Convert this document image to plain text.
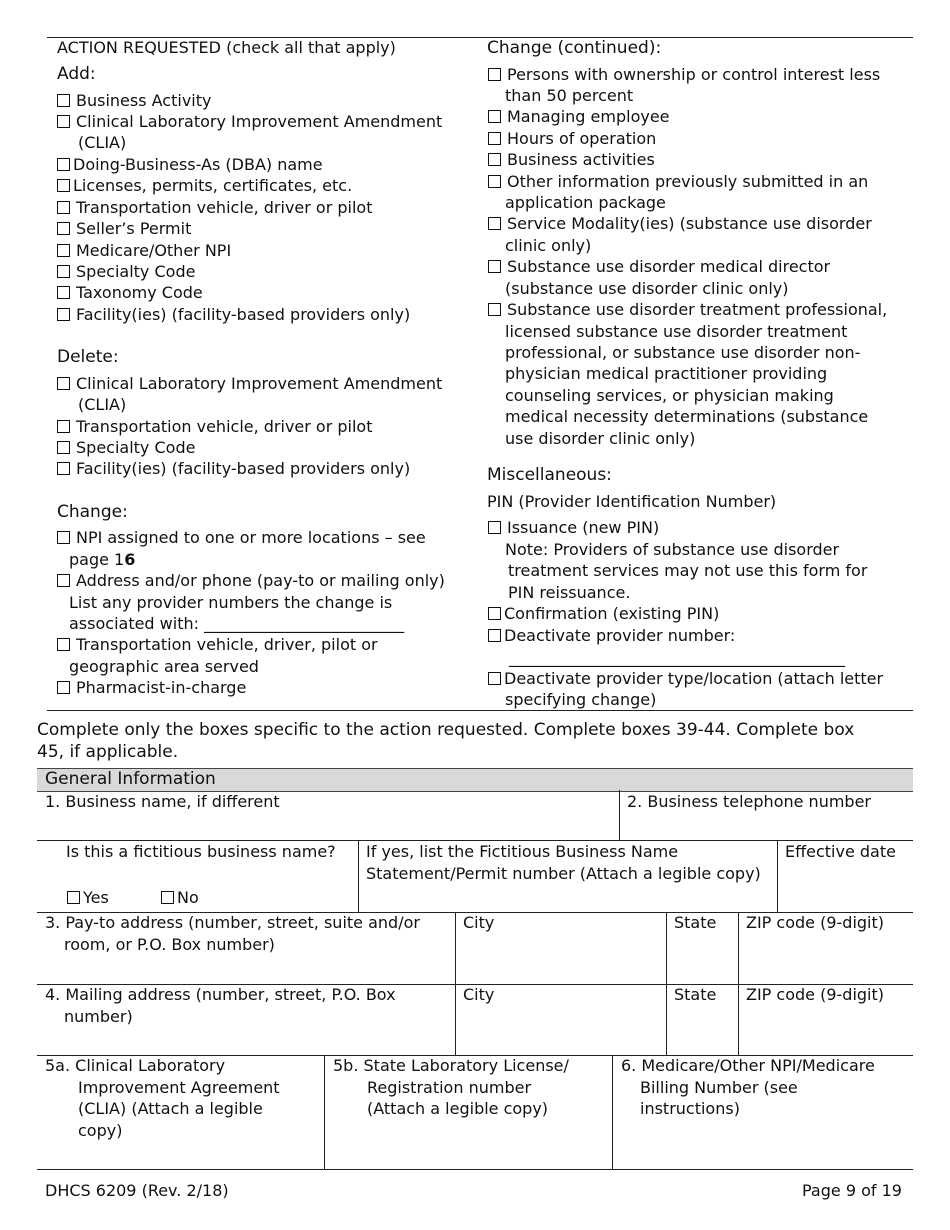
ACTION REQUESTED (check all that apply)
Add:
Business Activity
Clinical Laboratory Improvement Amendment
(CLIA)
Doing-Business-As (DBA) name
Licenses, permits, certificates, etc.
Transportation vehicle, driver or pilot
Seller’s Permit
Medicare/Other NPI
Specialty Code
Taxonomy Code
Facility(ies) (facility-based providers only)
Delete:
Clinical Laboratory Improvement Amendment
(CLIA)
Transportation vehicle, driver or pilot
Specialty Code
Facility(ies) (facility-based providers only)
Change:
NPI assigned to one or more locations – see
page 16
Address and/or phone (pay-to or mailing only)
List any provider numbers the change is
associated with: _________________________
Transportation vehicle, driver, pilot or
geographic area served
Pharmacist-in-charge
Change (continued):
Persons with ownership or control interest less
than 50 percent
Managing employee
Hours of operation
Business activities
Other information previously submitted in an
application package
Service Modality(ies) (substance use disorder
clinic only)
Substance use disorder medical director
(substance use disorder clinic only)
Substance use disorder treatment professional,
licensed substance use disorder treatment
professional, or substance use disorder non-
physician medical practitioner providing
counseling services, or physician making
medical necessity determinations (substance
use disorder clinic only)
Miscellaneous:
PIN (Provider Identification Number)
Issuance (new PIN)
Note: Providers of substance use disorder
treatment services may not use this form for
PIN reissuance.
Confirmation (existing PIN)
Deactivate provider number:
__________________________________________
Deactivate provider type/location (attach letter
specifying change)
Complete only the boxes specific to the action requested. Complete boxes 39-44. Complete box
45, if applicable.
General Information
1. Business name, if different	2. Business telephone number
Is this a fictitious business name?
Yes	No
If yes, list the Fictitious Business Name
Statement/Permit number (Attach a legible copy)
Effective date
3. Pay-to address (number, street, suite and/or
room, or P.O. Box number)
City	State ZIP code (9-digit)
4. Mailing address (number, street, P.O. Box
number)
City	State ZIP code (9-digit)
5a. Clinical Laboratory
Improvement Agreement
(CLIA) (Attach a legible
copy)
5b. State Laboratory License/
Registration number
(Attach a legible copy)
6. Medicare/Other NPI/Medicare
Billing Number (see
instructions)
DHCS 6209 (Rev. 2/18)	Page 9 of 19
